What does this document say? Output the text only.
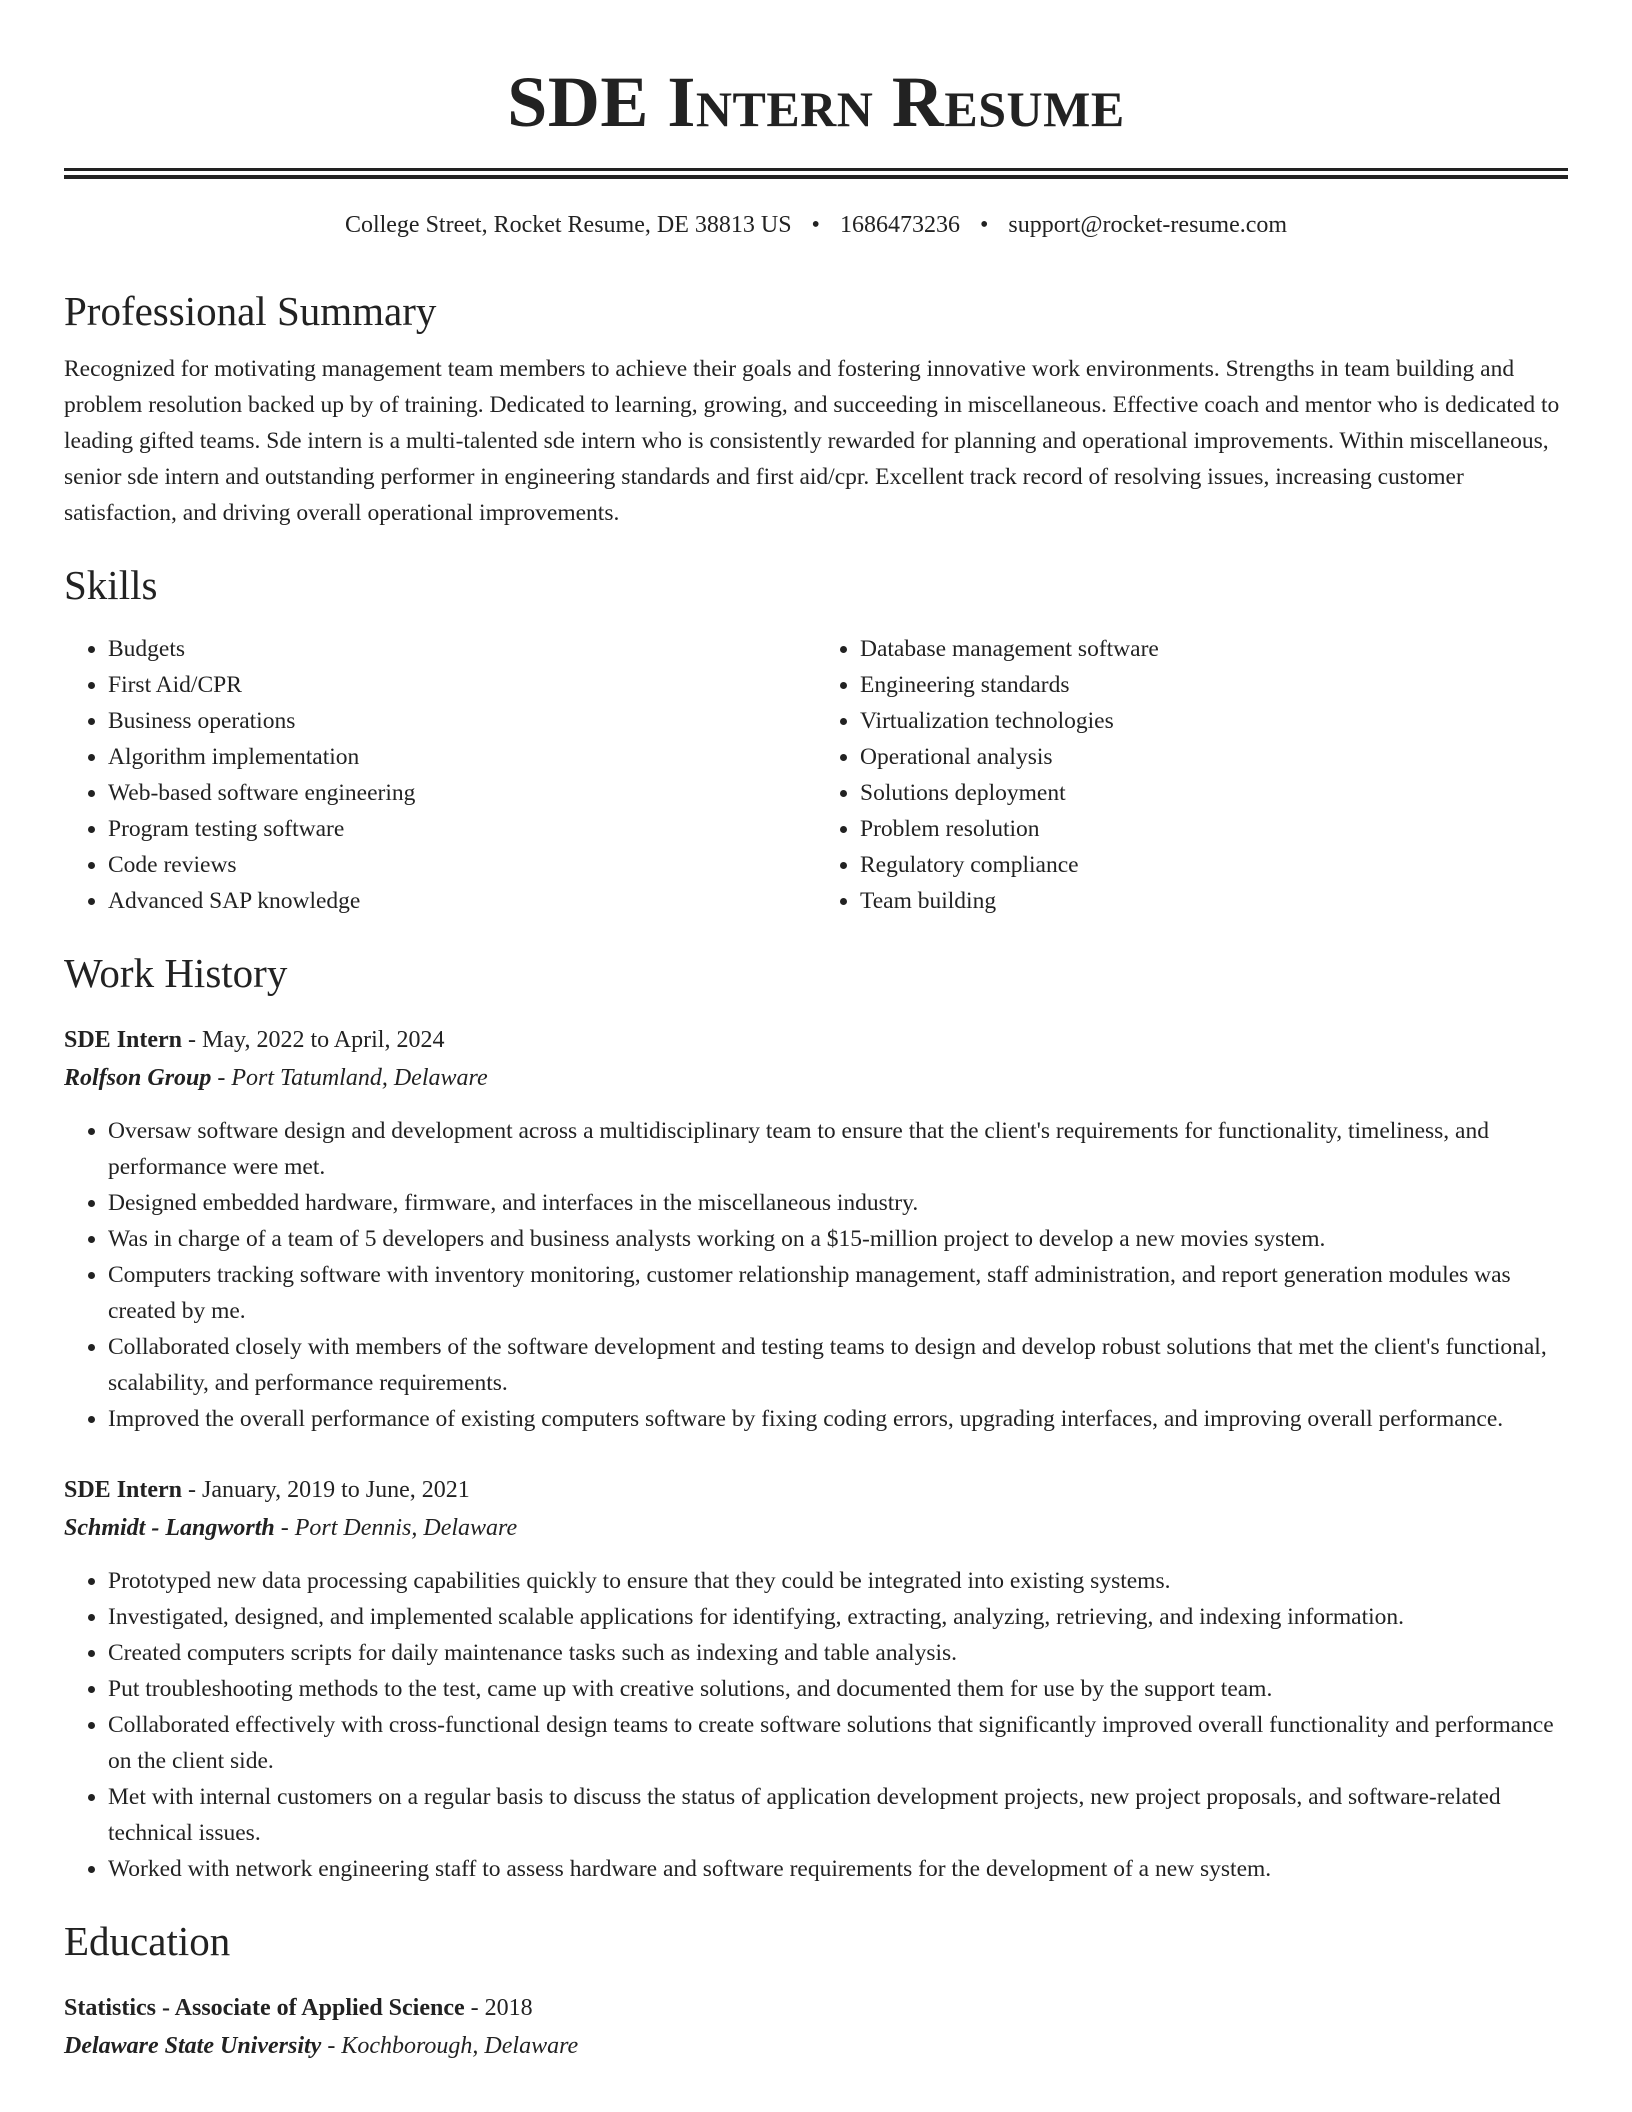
SDE Intern Resume
College Street, Rocket Resume, DE 38813 US • 1686473236 • support@rocket-resume.com
Professional Summary

Recognized for motivating management team members to achieve their goals and fostering innovative work environments. Strengths in team building and problem resolution backed up by of training. Dedicated to learning, growing, and succeeding in miscellaneous. Effective coach and mentor who is dedicated to leading gifted teams. Sde intern is a multi-talented sde intern who is consistently rewarded for planning and operational improvements. Within miscellaneous, senior sde intern and outstanding performer in engineering standards and first aid/cpr. Excellent track record of resolving issues, increasing customer satisfaction, and driving overall operational improvements.

Skills
• Budgets
• First Aid/CPR
• Business operations
• Algorithm implementation
• Web-based software engineering
• Program testing software
• Code reviews
• Advanced SAP knowledge
• Database management software
• Engineering standards
• Virtualization technologies
• Operational analysis
• Solutions deployment
• Problem resolution
• Regulatory compliance
• Team building
Work History
SDE Intern - May, 2022 to April, 2024
Rolfson Group - Port Tatumland, Delaware
• Oversaw software design and development across a multidisciplinary team to ensure that the client's requirements for functionality, timeliness, and performance were met.
• Designed embedded hardware, firmware, and interfaces in the miscellaneous industry.
• Was in charge of a team of 5 developers and business analysts working on a $15-million project to develop a new movies system.
• Computers tracking software with inventory monitoring, customer relationship management, staff administration, and report generation modules was created by me.
• Collaborated closely with members of the software development and testing teams to design and develop robust solutions that met the client's functional, scalability, and performance requirements.
• Improved the overall performance of existing computers software by fixing coding errors, upgrading interfaces, and improving overall performance.
SDE Intern - January, 2019 to June, 2021
Schmidt - Langworth - Port Dennis, Delaware
• Prototyped new data processing capabilities quickly to ensure that they could be integrated into existing systems.
• Investigated, designed, and implemented scalable applications for identifying, extracting, analyzing, retrieving, and indexing information.
• Created computers scripts for daily maintenance tasks such as indexing and table analysis.
• Put troubleshooting methods to the test, came up with creative solutions, and documented them for use by the support team.
• Collaborated effectively with cross-functional design teams to create software solutions that significantly improved overall functionality and performance on the client side.
• Met with internal customers on a regular basis to discuss the status of application development projects, new project proposals, and software-related technical issues.
• Worked with network engineering staff to assess hardware and software requirements for the development of a new system.
Education
Statistics - Associate of Applied Science - 2018
Delaware State University - Kochborough, Delaware
